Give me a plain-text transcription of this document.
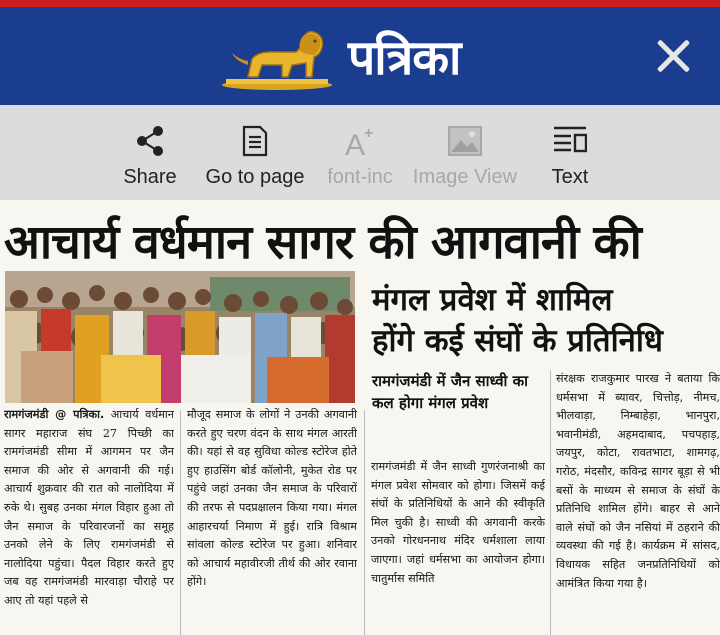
पत्रिका
Share Go to page
A
+
font-inc Image View	Text
आचार्य वर्धमान सागर की आगवानी की
मंगल प्रवेश में शामिल
होंगे कई संघों के प्रतिनिधि
रामगंजमंडी में जैन साध्वी का कल होगा मंगल प्रवेश
रामगंजमंडी @ पत्रिका. आचार्य वर्धमान सागर महाराज संघ 27 पिच्छी का रामगंजमंडी सीमा में आगमन पर जैन समाज की ओर से अगवानी की गई। आचार्य शुक्रवार की रात को नालोदिया में रुके थे। सुबह उनका मंगल विहार हुआ तो जैन समाज के परिवारजनों का समूह उनको लेने के लिए रामगंजमंडी से नालोदिया पहुंचा। पैदल विहार करते हुए जब वह रामगंजमंडी मारवाड़ा चौराहे पर आए तो यहां पहले से
मौजूद समाज के लोगों ने उनकी अगवानी करते हुए चरण वंदन के साथ मंगल आरती की। यहां से वह सुविधा कोल्ड स्टोरेज होते हुए हाउसिंग बोर्ड कॉलोनी, मुकेत रोड पर पहुंचे जहां उनका जैन समाज के परिवारों की तरफ से पदप्रक्षालन किया गया। मंगल आहारचर्या निमाण में हुई। रात्रि विश्राम सांवला कोल्ड स्टोरेज पर हुआ। शनिवार को आचार्य महावीरजी तीर्थ की ओर रवाना होंगे।
रामगंजमंडी में जैन साध्वी गुणरंजनाश्री का मंगल प्रवेश सोमवार को होगा। जिसमें कई संघों के प्रतिनिधियों के आने की स्वीकृति मिल चुकी है। साध्वी की अगवानी करके उनको गोरधननाथ मंदिर धर्मशाला लाया जाएगा। जहां धर्मसभा का आयोजन होगा। चातुर्मास समिति
संरक्षक राजकुमार पारख ने बताया कि धर्मसभा में ब्यावर, चित्तोड़, नीमच, भीलवाड़ा, निम्बाहेड़ा, भानपुरा, भवानीमंडी, अहमदाबाद, पचपहाड़, जयपुर, कोटा, रावतभाटा, शामगढ़, गरोठ, मंदसौर, कविन्द्र सागर बूड़ा से भी बसों के माध्यम से समाज के संघों के प्रतिनिधि शामिल होंगे। बाहर से आने वाले संघों को जैन नसियां में ठहराने की व्यवस्था की गई है। कार्यक्रम में सांसद, विधायक सहित जनप्रतिनिधियों को आमंत्रित किया गया है।
